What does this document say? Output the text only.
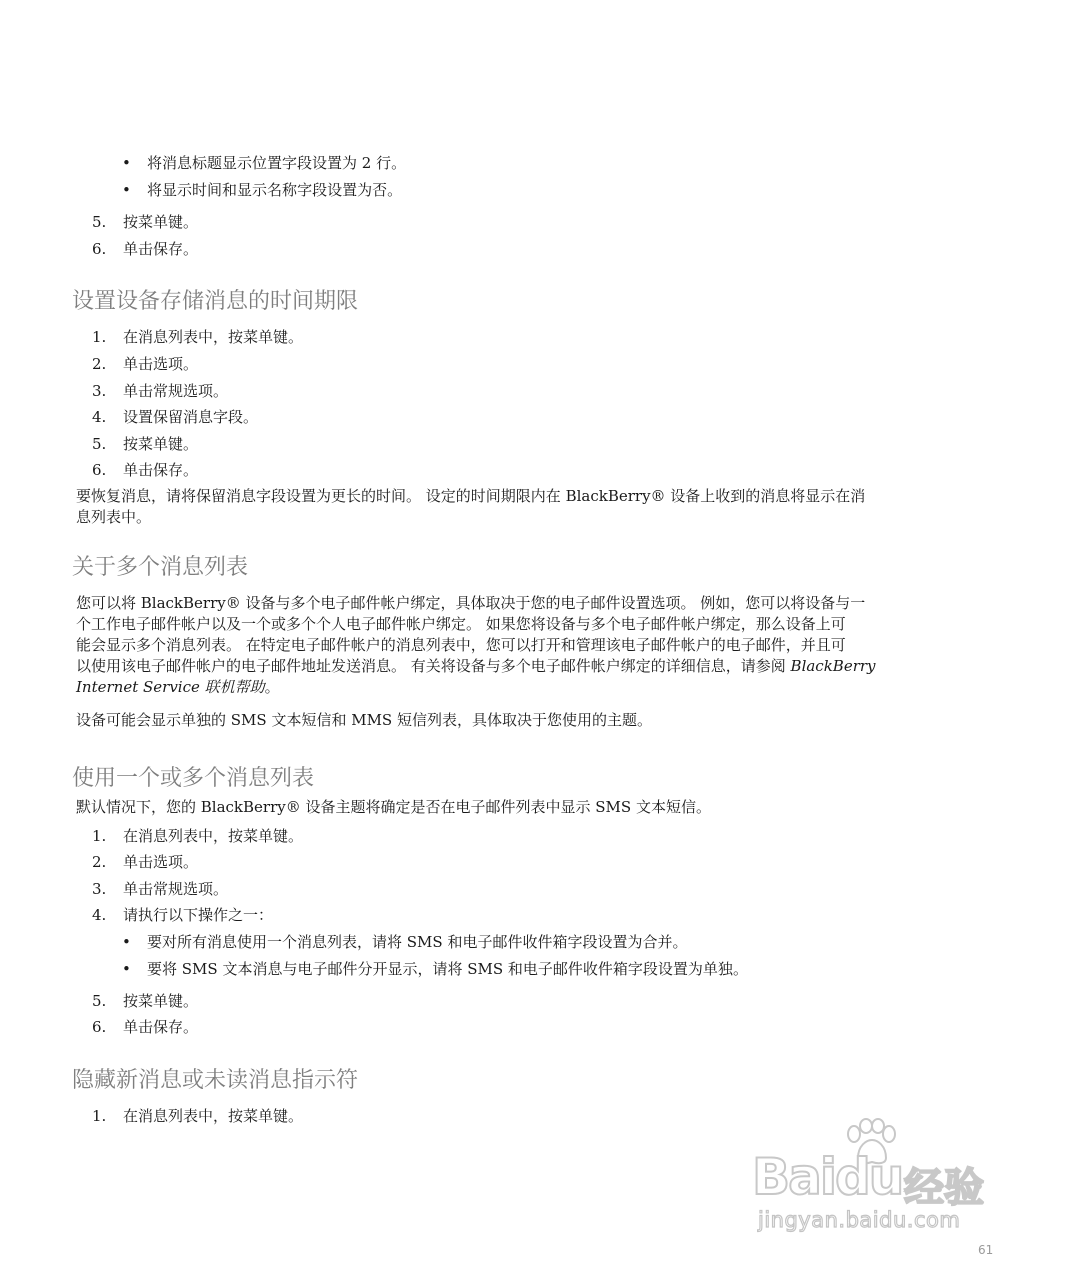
•	将消息标题显示位置字段设置为 2 行。
•	将显示时间和显示名称字段设置为否。
5.	按菜单键。
6.	单击保存。
设置设备存储消息的时间期限
1.	在消息列表中，按菜单键。
2.	单击选项。
3.	单击常规选项。
4.	设置保留消息字段。
5.	按菜单键。
6.	单击保存。
要恢复消息，请将保留消息字段设置为更长的时间。 设定的时间期限内在 BlackBerry® 设备上收到的消息将显示在消
息列表中。
关于多个消息列表
您可以将 BlackBerry® 设备与多个电子邮件帐户绑定，具体取决于您的电子邮件设置选项。 例如，您可以将设备与一
个工作电子邮件帐户以及一个或多个个人电子邮件帐户绑定。 如果您将设备与多个电子邮件帐户绑定，那么设备上可
能会显示多个消息列表。 在特定电子邮件帐户的消息列表中，您可以打开和管理该电子邮件帐户的电子邮件，并且可
以使用该电子邮件帐户的电子邮件地址发送消息。 有关将设备与多个电子邮件帐户绑定的详细信息，请参阅 BlackBerry
Internet Service 联机帮助。
设备可能会显示单独的 SMS 文本短信和 MMS 短信列表，具体取决于您使用的主题。
使用一个或多个消息列表
默认情况下，您的 BlackBerry® 设备主题将确定是否在电子邮件列表中显示 SMS 文本短信。
1.	在消息列表中，按菜单键。
2.	单击选项。
3.	单击常规选项。
4.	请执行以下操作之一：
•	要对所有消息使用一个消息列表，请将 SMS 和电子邮件收件箱字段设置为合并。
•	要将 SMS 文本消息与电子邮件分开显示，请将 SMS 和电子邮件收件箱字段设置为单独。
5.	按菜单键。
6.	单击保存。
隐藏新消息或未读消息指示符
1.	在消息列表中，按菜单键。
Baidu 经验
jingyan.baidu.com
61
